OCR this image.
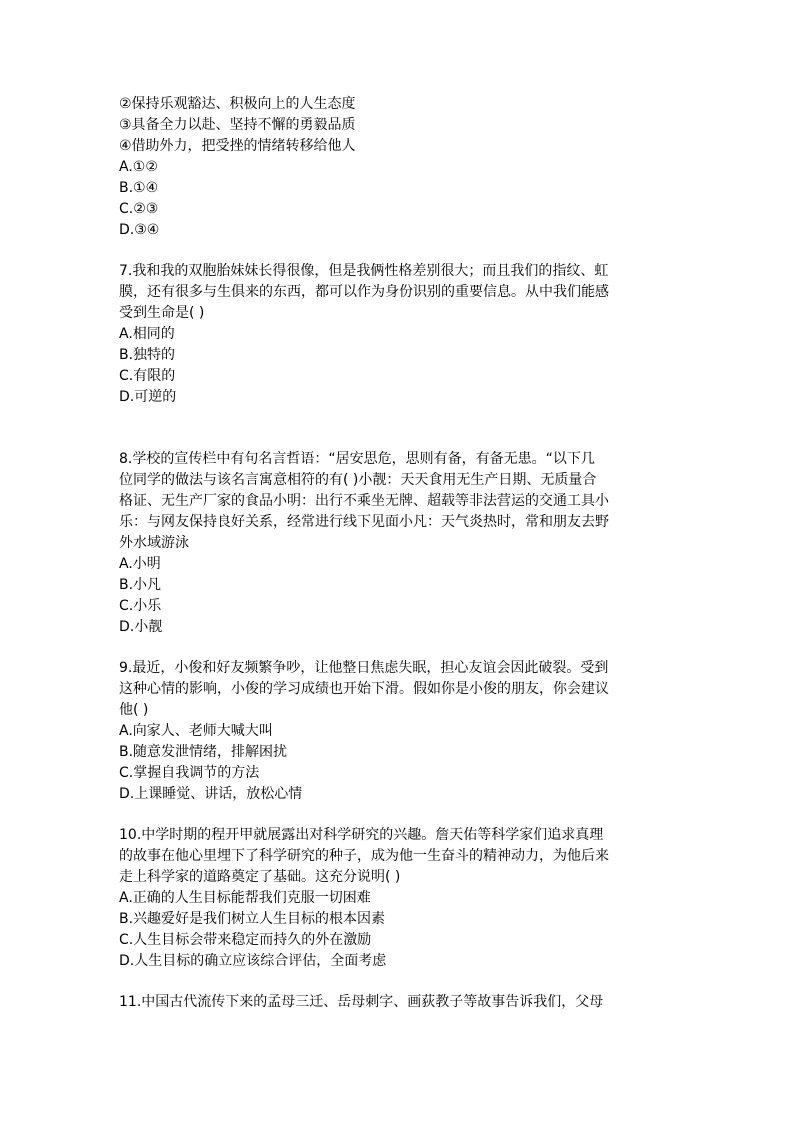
②保持乐观豁达、积极向上的人生态度

③具备全力以赴、坚持不懈的勇毅品质

④借助外力，把受挫的情绪转移给他人

A.①②

B.①④

C.②③

D.③④

7.我和我的双胞胎妹妹长得很像，但是我俩性格差别很大；而且我们的指纹、虹

膜，还有很多与生俱来的东西，都可以作为身份识别的重要信息。从中我们能感

受到生命是( )

A.相同的

B.独特的

C.有限的

D.可逆的

8.学校的宣传栏中有句名言哲语：“居安思危，思则有备，有备无患。“以下几

位同学的做法与该名言寓意相符的有( )小靓：天天食用无生产日期、无质量合

格证、无生产厂家的食品小明：出行不乘坐无牌、超载等非法营运的交通工具小

乐：与网友保持良好关系，经常进行线下见面小凡：天气炎热时，常和朋友去野

外水域游泳

A.小明

B.小凡

C.小乐

D.小靓

9.最近，小俊和好友频繁争吵，让他整日焦虑失眠，担心友谊会因此破裂。受到

这种心情的影响，小俊的学习成绩也开始下滑。假如你是小俊的朋友，你会建议

他( )

A.向家人、老师大喊大叫

B.随意发泄情绪，排解困扰

C.掌握自我调节的方法

D.上课睡觉、讲话，放松心情

10.中学时期的程开甲就展露出对科学研究的兴趣。詹天佑等科学家们追求真理

的故事在他心里埋下了科学研究的种子，成为他一生奋斗的精神动力，为他后来

走上科学家的道路奠定了基础。这充分说明( )

A.正确的人生目标能帮我们克服一切困难

B.兴趣爱好是我们树立人生目标的根本因素

C.人生目标会带来稳定而持久的外在激励

D.人生目标的确立应该综合评估，全面考虑

11.中国古代流传下来的孟母三迁、岳母刺字、画荻教子等故事告诉我们，父母
